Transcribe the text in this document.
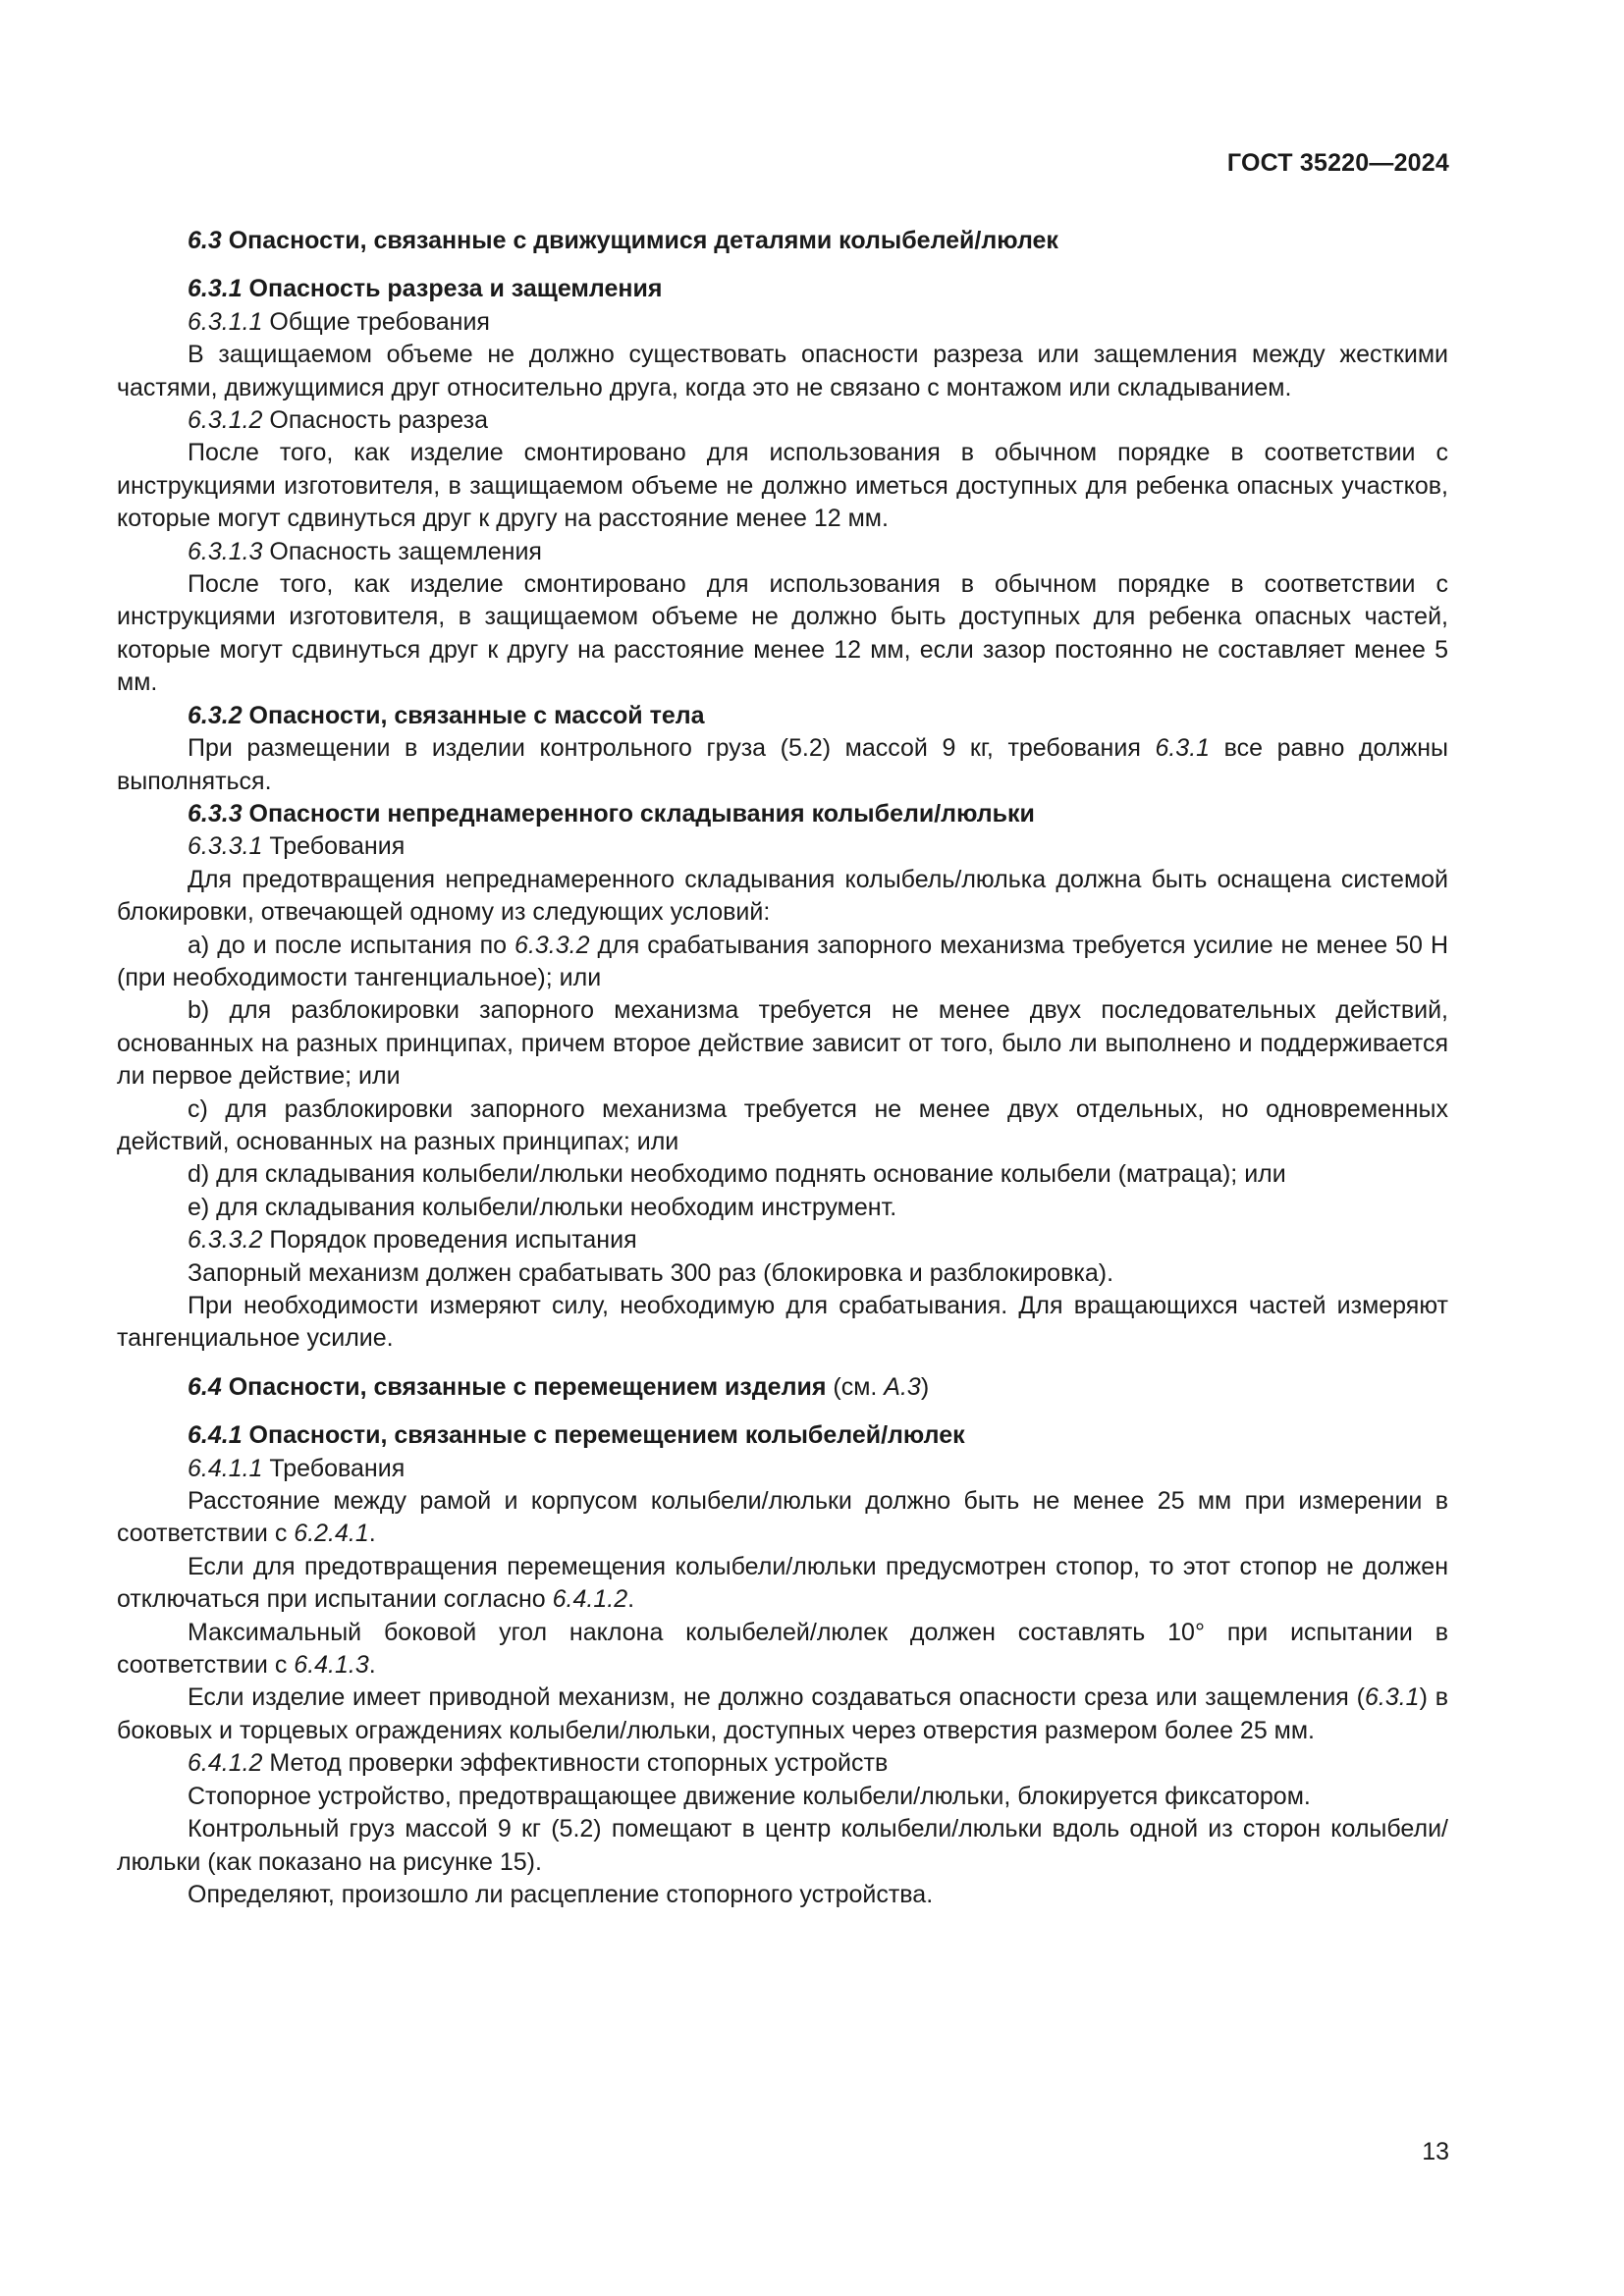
ГОСТ 35220—2024

6.3 Опасности, связанные с движущимися деталями колыбелей/люлек

6.3.1 Опасность разреза и защемления

6.3.1.1 Общие требования

В защищаемом объеме не должно существовать опасности разреза или защемления между жесткими частями, движущимися друг относительно друга, когда это не связано с монтажом или складыванием.

6.3.1.2 Опасность разреза

После того, как изделие смонтировано для использования в обычном порядке в соответствии с инструкциями изготовителя, в защищаемом объеме не должно иметься доступных для ребенка опасных участков, которые могут сдвинуться друг к другу на расстояние менее 12 мм.

6.3.1.3 Опасность защемления

После того, как изделие смонтировано для использования в обычном порядке в соответствии с инструкциями изготовителя, в защищаемом объеме не должно быть доступных для ребенка опасных частей, которые могут сдвинуться друг к другу на расстояние менее 12 мм, если зазор постоянно не составляет менее 5 мм.

6.3.2 Опасности, связанные с массой тела

При размещении в изделии контрольного груза (5.2) массой 9 кг, требования 6.3.1 все равно должны выполняться.

6.3.3 Опасности непреднамеренного складывания колыбели/люльки

6.3.3.1 Требования

Для предотвращения непреднамеренного складывания колыбель/люлька должна быть оснащена системой блокировки, отвечающей одному из следующих условий:

a) до и после испытания по 6.3.3.2 для срабатывания запорного механизма требуется усилие не менее 50 Н (при необходимости тангенциальное); или

b) для разблокировки запорного механизма требуется не менее двух последовательных действий, основанных на разных принципах, причем второе действие зависит от того, было ли выполнено и поддерживается ли первое действие; или

c) для разблокировки запорного механизма требуется не менее двух отдельных, но одновременных действий, основанных на разных принципах; или

d) для складывания колыбели/люльки необходимо поднять основание колыбели (матраца); или

e) для складывания колыбели/люльки необходим инструмент.

6.3.3.2 Порядок проведения испытания

Запорный механизм должен срабатывать 300 раз (блокировка и разблокировка).

При необходимости измеряют силу, необходимую для срабатывания. Для вращающихся частей измеряют тангенциальное усилие.

6.4 Опасности, связанные с перемещением изделия (см. А.3)

6.4.1 Опасности, связанные с перемещением колыбелей/люлек

6.4.1.1 Требования

Расстояние между рамой и корпусом колыбели/люльки должно быть не менее 25 мм при измерении в соответствии с 6.2.4.1.

Если для предотвращения перемещения колыбели/люльки предусмотрен стопор, то этот стопор не должен отключаться при испытании согласно 6.4.1.2.

Максимальный боковой угол наклона колыбелей/люлек должен составлять 10° при испытании в соответствии с 6.4.1.3.

Если изделие имеет приводной механизм, не должно создаваться опасности среза или защемления (6.3.1) в боковых и торцевых ограждениях колыбели/люльки, доступных через отверстия размером более 25 мм.

6.4.1.2 Метод проверки эффективности стопорных устройств

Стопорное устройство, предотвращающее движение колыбели/люльки, блокируется фиксатором.

Контрольный груз массой 9 кг (5.2) помещают в центр колыбели/люльки вдоль одной из сторон колыбели/люльки (как показано на рисунке 15).

Определяют, произошло ли расцепление стопорного устройства.

13
